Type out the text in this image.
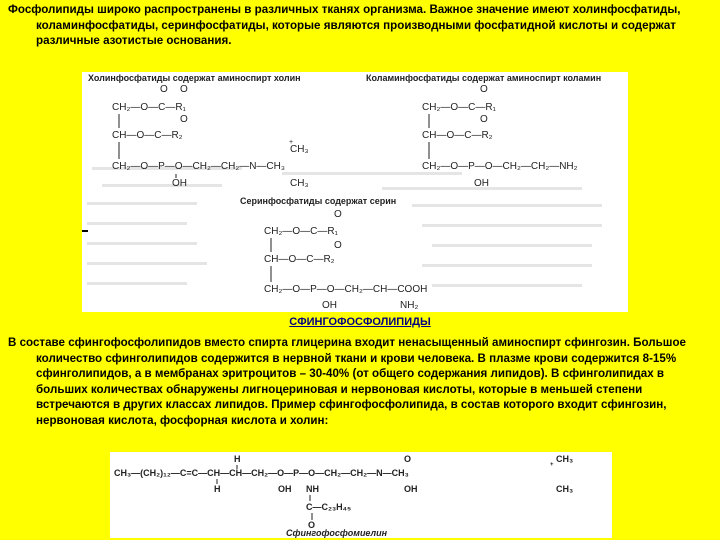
Фосфолипиды широко распространены в различных тканях организма. Важное значение имеют холинфосфатиды, коламинфосфатиды, серинфосфатиды, которые являются производными фосфатидной кислоты и содержат различные азотистые основания.
Холинфосфатиды содержат аминоспирт холин	Коламинфосфатиды содержат аминоспирт коламин
O O
CH₂—O—C—R₁
CH—O—C—R₂
O
CH₂—O—P—O—CH₂—CH₂—N—CH₃
CH₃
+
CH₃
OH
O
CH₂—O—C—R₁
O
CH—O—C—R₂
CH₂—O—P—O—CH₂—CH₂—NH₂
OH
Серинфосфатиды содержат серин
O
CH₂—O—C—R₁
O
CH—O—C—R₂
CH₂—O—P—O—CH₂—CH—COOH
OH	NH₂
СФИНГОФОСФОЛИПИДЫ
В составе сфингофосфолипидов вместо спирта глицерина входит ненасыщенный аминоспирт сфингозин. Большое количество сфинголипидов содержится в нервной ткани и крови человека. В плазме крови содержится 8-15% сфинголипидов, а в мембранах эритроцитов – 30-40% (от общего содержания липидов). В сфинголипидах в больших количествах обнаружены лигноцериновая и нервоновая кислоты, которые в меньшей степени встречаются в других классах липидов. Пример сфингофосфолипида, в состав которого входит сфингозин, нервоновая кислота, фосфорная кислота и холин:
CH₃—(CH₂)₁₂—C=C—CH—CH—CH₂—O—P—O—CH₂—CH₂—N—CH₃
H
H	OH NH
C—C₂₃H₄₅
O
O
OH
CH₃
+
CH₃
Сфингофосфомиелин
